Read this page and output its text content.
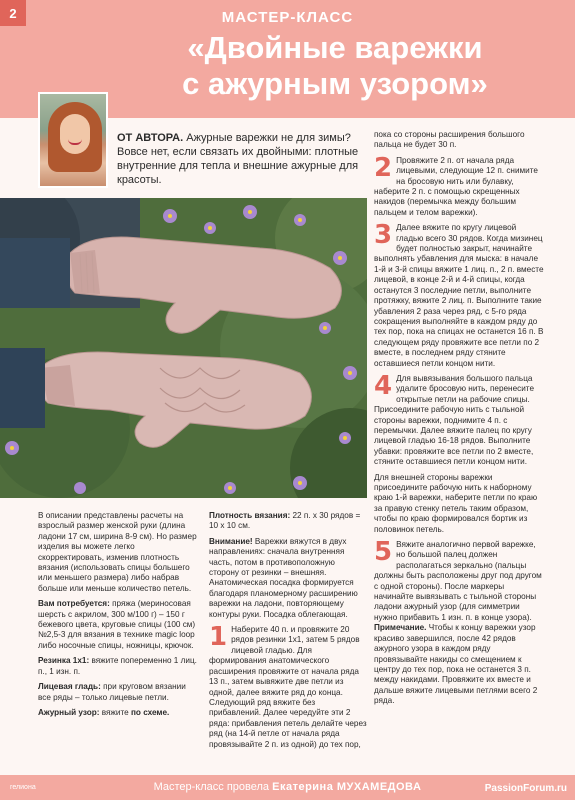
2	МАСТЕР-КЛАСС
«Двойные варежки
с ажурным узором»
ОТ АВТОРА. Ажурные варежки не для зимы? Вовсе нет, если связать их двойными: плотные внутренние для тепла и внешние ажурные для красоты.

В описании представлены расчеты на взрослый размер женской руки (длина ладони 17 см, ширина 8-9 см). Но размер изделия вы можете легко скорректировать, изменив плотность вязания (использовать спицы большего или меньшего размера) либо набрав больше или меньше количество петель.

Вам потребуется: пряжа (мериносовая шерсть с акрилом, 300 м/100 г) – 150 г бежевого цвета, круговые спицы (100 см) №2,5-3 для вязания в технике magic loop либо носочные спицы, ножницы, крючок.

Резинка 1х1: вяжите попеременно 1 лиц. п., 1 изн. п.

Лицевая гладь: при круговом вязании все ряды – только лицевые петли.

Ажурный узор: вяжите по схеме.

Плотность вязания: 22 п. х 30 рядов = 10 х 10 см.

Внимание! Варежки вяжутся в двух направлениях: сначала внутренняя часть, потом в противоположную сторону от резинки – внешняя. Анатомическая посадка формируется благодаря планомерному расширению варежки на ладони, повторяющему контуры руки. Посадка облегающая.

1 Наберите 40 п. и провяжите 20 рядов резинки 1х1, затем 5 рядов лицевой гладью. Для формирования анатомического расширения провяжите от начала ряда 13 п., затем вывяжите две петли из одной, далее вяжите ряд до конца. Следующий ряд вяжите без прибавлений. Далее чередуйте эти 2 ряда: прибавления петель делайте через ряд (на 14-й петле от начала ряда провязывайте 2 п. из одной) до тех пор,

пока со стороны расширения большого пальца не будет 30 п.

2 Провяжите 2 п. от начала ряда лицевыми, следующие 12 п. снимите на бросовую нить или булавку, наберите 2 п. с помощью скрещенных накидов (перемычка между большим пальцем и телом варежки).

3 Далее вяжите по кругу лицевой гладью всего 30 рядов. Когда мизинец будет полностью закрыт, начинайте выполнять убавления для мыска: в начале 1-й и 3-й спицы вяжите 1 лиц. п., 2 п. вместе лицевой, в конце 2-й и 4-й спицы, когда останутся 3 последние петли, выполните протяжку, вяжите 2 лиц. п. Выполните такие убавления 2 раза через ряд, с 5-го ряда сокращения выполняйте в каждом ряду до тех пор, пока на спицах не останется 16 п. В следующем ряду провяжите все петли по 2 вместе, в последнем ряду стяните оставшиеся петли концом нити.

4 Для вывязывания большого пальца удалите бросовую нить, перенесите открытые петли на рабочие спицы. Присоедините рабочую нить с тыльной стороны варежки, поднимите 4 п. с перемычки. Далее вяжите палец по кругу лицевой гладью 16-18 рядов. Выполните убавки: провяжите все петли по 2 вместе, стяните оставшиеся петли концом нити.

Для внешней стороны варежки присоедините рабочую нить к наборному краю 1-й варежки, наберите петли по краю за правую стенку петель таким образом, чтобы по краю формировался бортик из половинок петель.

5 Вяжите аналогично первой варежке, но большой палец должен располагаться зеркально (пальцы должны быть расположены друг под другом с одной стороны). После маркеры начинайте вывязывать с тыльной стороны ладони ажурный узор (для симметрии нужно прибавить 1 изн. п. в конце узора). Примечание. Чтобы к концу варежки узор красиво завершился, после 42 рядов ажурного узора в каждом ряду провязывайте накиды со смещением к центру до тех пор, пока не останется 3 п. между накидами. Провяжите их вместе и дальше вяжите лицевыми петлями всего 2 ряда.

гелиона	Мастер-класс провела Екатерина МУХАМЕДОВА	PassionForum.ru
